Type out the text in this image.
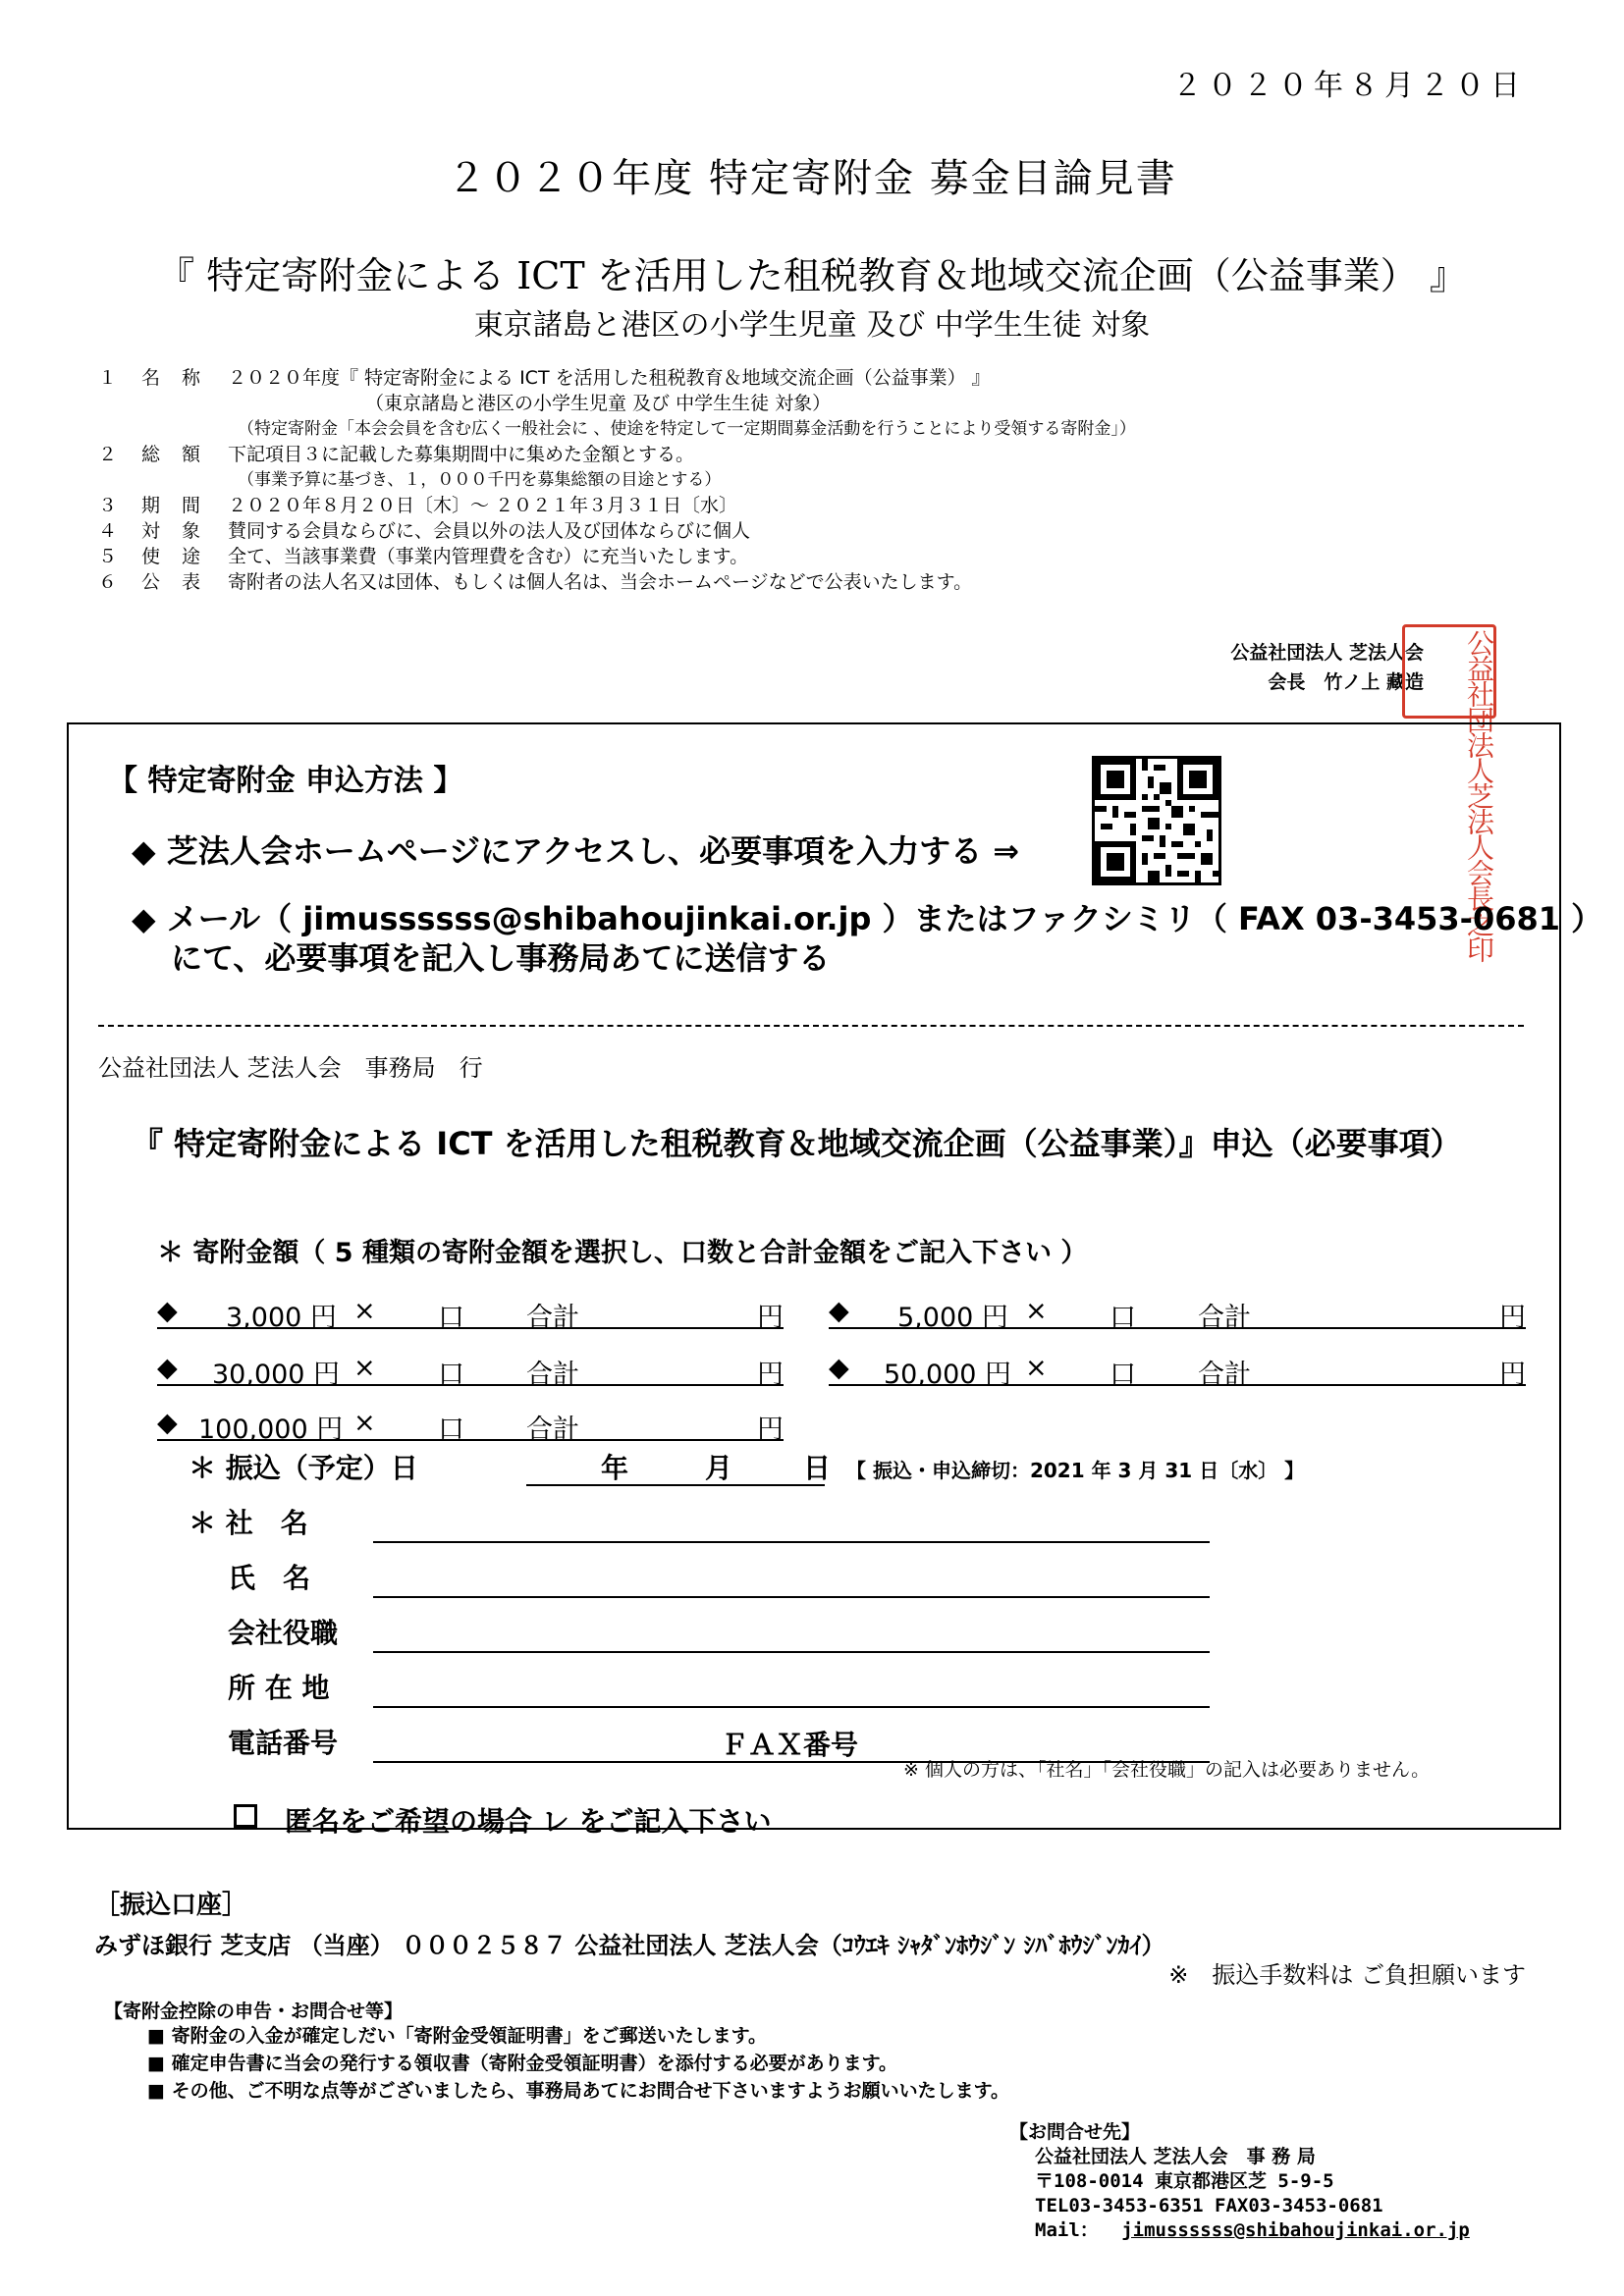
２０２０年８月２０日
２０２０年度 特定寄附金 募金目論見書
『 特定寄附金による ICT を活用した租税教育＆地域交流企画（公益事業） 』
東京諸島と港区の小学生児童 及び 中学生生徒 対象
１	名称 ２０２０年度『 特定寄附金による ICT を活用した租税教育＆地域交流企画（公益事業） 』
（東京諸島と港区の小学生児童 及び 中学生生徒 対象）
（特定寄附金「本会会員を含む広く一般社会に 、使途を特定して一定期間募金活動を行うことにより受領する寄附金」）
２	総額 下記項目３に記載した募集期間中に集めた金額とする。
（事業予算に基づき、１，０００千円を募集総額の目途とする）
３	期間 ２０２０年８月２０日〔木〕～ ２０２１年３月３１日〔水〕
４	対象 賛同する会員ならびに、会員以外の法人及び団体ならびに個人
５	使途 全て、当該事業費（事業内管理費を含む）に充当いたします。
６	公表 寄附者の法人名又は団体、もしくは個人名は、当会ホームページなどで公表いたします。
公益社団法人 芝法人会
会長　竹ノ上 藏造	公益社団法人芝法人会長之印
【 特定寄附金 申込方法 】
◆ 芝法人会ホームページにアクセスし、必要事項を入力する ⇒
◆ メール（ jimussssss@shibahoujinkai.or.jp ）またはファクシミリ（ FAX 03-3453-0681 ）
にて、必要事項を記入し事務局あてに送信する
公益社団法人 芝法人会　事務局　行
『 特定寄附金による ICT を活用した租税教育＆地域交流企画（公益事業）』申込（必要事項）
＊ 寄附金額（ 5 種類の寄附金額を選択し、口数と合計金額をご記入下さい ）
◆ 3,000 円 × 口 合計	円 ◆ 5,000 円 × 口 合計	円
◆ 30,000 円 × 口 合計	円 ◆ 50,000 円 × 口 合計	円
◆ 100,000 円 × 口 合計	円
＊ 振込（予定）日	年	月	日 【 振込・申込締切：2021 年 3 月 31 日〔水〕 】
＊ 社　名
氏　名
会社役職
所 在 地
電話番号	ＦＡＸ番号
※ 個人の方は、「社名」「会社役職」の記入は必要ありません。
匿名をご希望の場合 レ をご記入下さい
［振込口座］
みずほ銀行 芝支店 （当座） ０００２５８７ 公益社団法人 芝法人会（ｺｳｴｷ ｼｬﾀﾞﾝﾎｳｼﾞﾝ ｼﾊﾞﾎｳｼﾞﾝｶｲ）
※　振込手数料は ご負担願います
【寄附金控除の申告・お問合せ等】
■ 寄附金の入金が確定しだい「寄附金受領証明書」をご郵送いたします。
■ 確定申告書に当会の発行する領収書（寄附金受領証明書）を添付する必要があります。
■ その他、ご不明な点等がございましたら、事務局あてにお問合せ下さいますようお願いいたします。
【お問合せ先】
公益社団法人 芝法人会　事 務 局
〒108-0014 東京都港区芝 5-9-5
TEL03-3453-6351 FAX03-3453-0681
Mail： jimussssss@shibahoujinkai.or.jp
